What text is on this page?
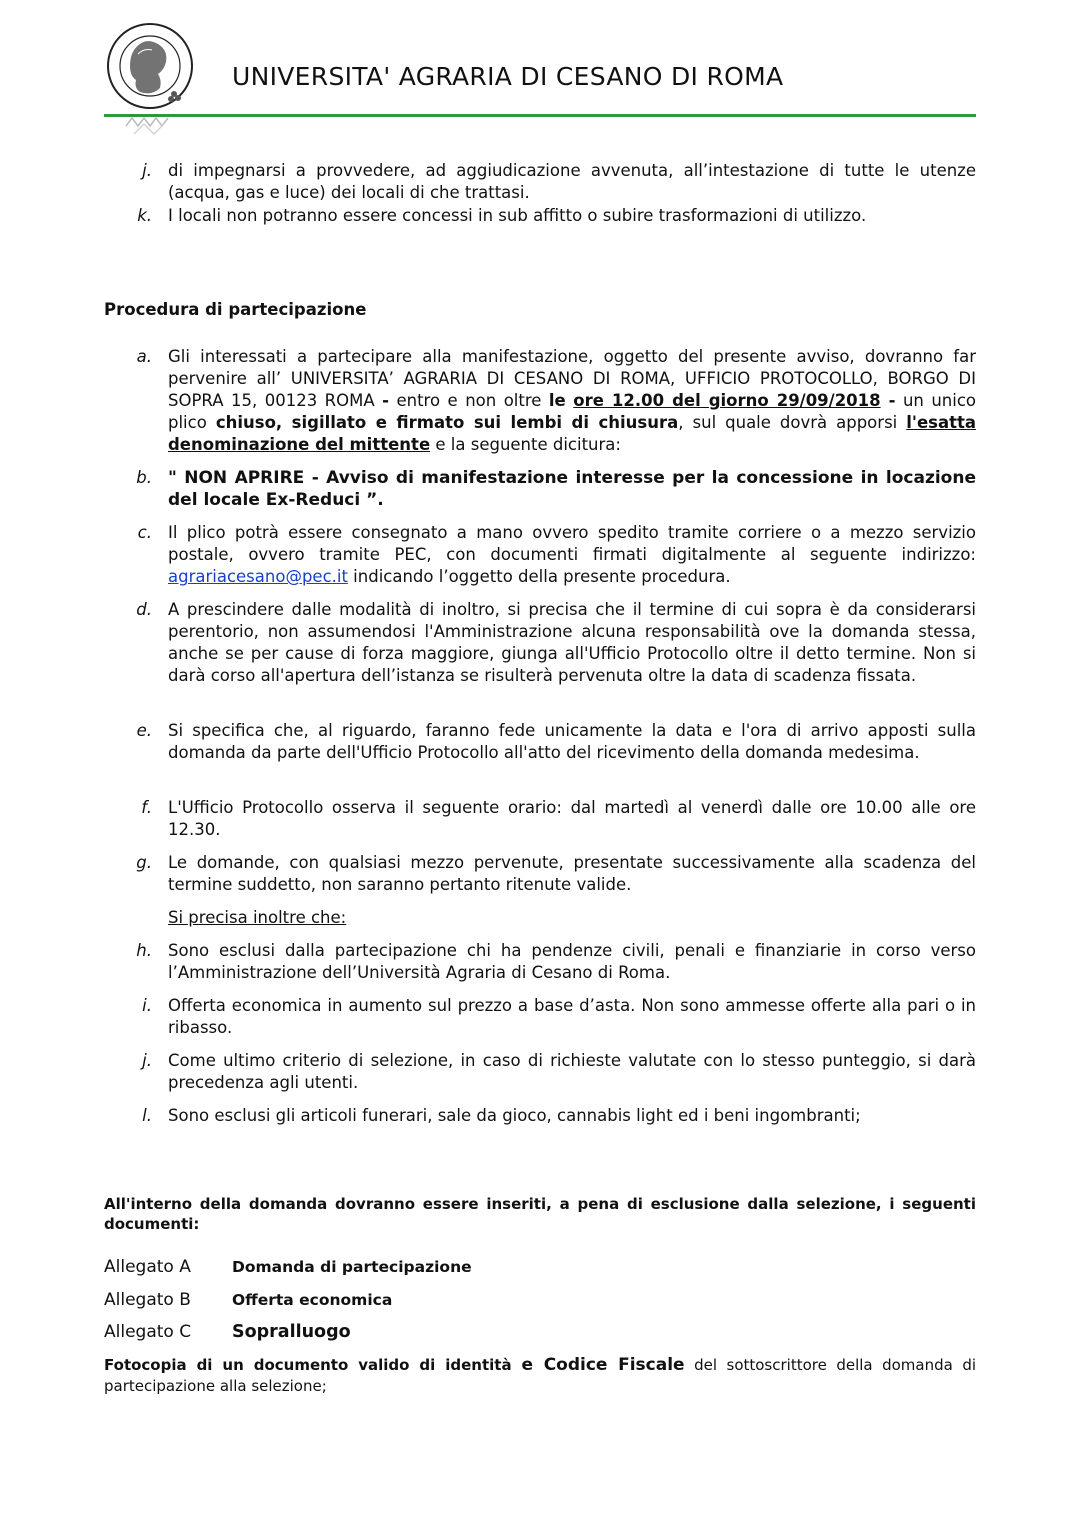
UNIVERSITA' AGRARIA DI CESANO DI ROMA
j. di impegnarsi a provvedere, ad aggiudicazione avvenuta, all’intestazione di tutte le utenze (acqua, gas e luce) dei locali di che trattasi.
k. I locali non potranno essere concessi in sub affitto o subire trasformazioni di utilizzo.
Procedura di partecipazione
a. Gli interessati a partecipare alla manifestazione, oggetto del presente avviso, dovranno far pervenire all’ UNIVERSITA’ AGRARIA DI CESANO DI ROMA, UFFICIO PROTOCOLLO, BORGO DI SOPRA 15, 00123 ROMA - entro e non oltre le ore 12.00 del giorno 29/09/2018 - un unico plico chiuso, sigillato e firmato sui lembi di chiusura, sul quale dovrà apporsi l'esatta denominazione del mittente e la seguente dicitura:
b. " NON APRIRE - Avviso di manifestazione interesse per la concessione in locazione del locale Ex-Reduci ”.
c. Il plico potrà essere consegnato a mano ovvero spedito tramite corriere o a mezzo servizio postale, ovvero tramite PEC, con documenti firmati digitalmente al seguente indirizzo: agrariacesano@pec.it indicando l’oggetto della presente procedura.
d. A prescindere dalle modalità di inoltro, si precisa che il termine di cui sopra è da considerarsi perentorio, non assumendosi l'Amministrazione alcuna responsabilità ove la domanda stessa, anche se per cause di forza maggiore, giunga all'Ufficio Protocollo oltre il detto termine. Non si darà corso all'apertura dell’istanza se risulterà pervenuta oltre la data di scadenza fissata.
e. Si specifica che, al riguardo, faranno fede unicamente la data e l'ora di arrivo apposti sulla domanda da parte dell'Ufficio Protocollo all'atto del ricevimento della domanda medesima.
f. L'Ufficio Protocollo osserva il seguente orario: dal martedì al venerdì dalle ore 10.00 alle ore 12.30.
g. Le domande, con qualsiasi mezzo pervenute, presentate successivamente alla scadenza del termine suddetto, non saranno pertanto ritenute valide.
Si precisa inoltre che:
h. Sono esclusi dalla partecipazione chi ha pendenze civili, penali e finanziarie in corso verso l’Amministrazione dell’Università Agraria di Cesano di Roma.
i. Offerta economica in aumento sul prezzo a base d’asta. Non sono ammesse offerte alla pari o in ribasso.
j. Come ultimo criterio di selezione, in caso di richieste valutate con lo stesso punteggio, si darà precedenza agli utenti.
l. Sono esclusi gli articoli funerari, sale da gioco, cannabis light ed i beni ingombranti;
All'interno della domanda dovranno essere inseriti, a pena di esclusione dalla selezione, i seguenti documenti:
Allegato A	Domanda di partecipazione
Allegato B	Offerta economica
Allegato C Sopralluogo
Fotocopia di un documento valido di identità e Codice Fiscale del sottoscrittore della domanda di partecipazione alla selezione;
